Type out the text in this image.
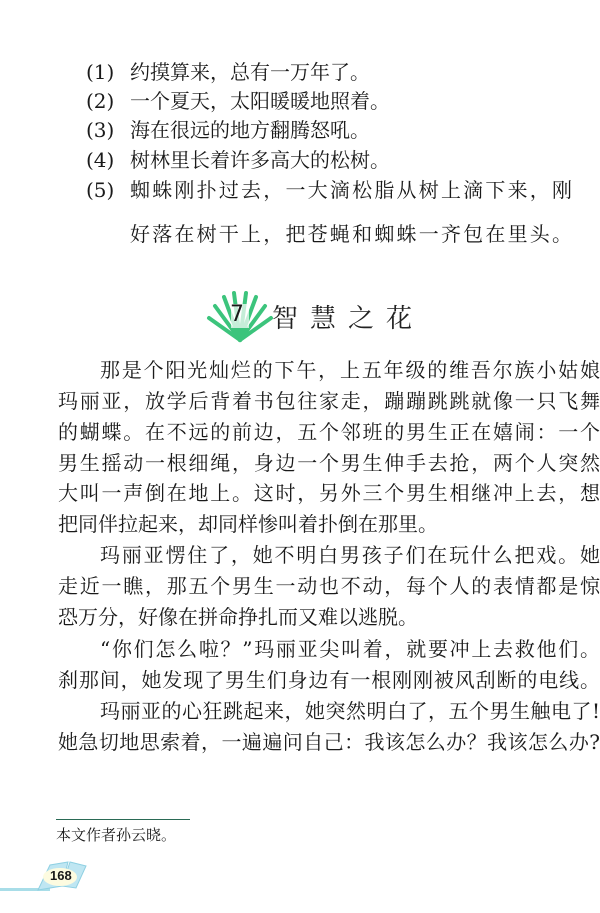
(1) 约摸算来，总有一万年了。
(2) 一个夏天，太阳暖暖地照着。
(3) 海在很远的地方翻腾怒吼。
(4) 树林里长着许多高大的松树。
(5) 蜘蛛刚扑过去，一大滴松脂从树上滴下来，刚
好落在树干上，把苍蝇和蜘蛛一齐包在里头。
7 智慧之花
那是个阳光灿烂的下午，上五年级的维吾尔族小姑娘
玛丽亚，放学后背着书包往家走，蹦蹦跳跳就像一只飞舞
的蝴蝶。在不远的前边，五个邻班的男生正在嬉闹：一个
男生摇动一根细绳，身边一个男生伸手去抢，两个人突然
大叫一声倒在地上。这时，另外三个男生相继冲上去，想
把同伴拉起来，却同样惨叫着扑倒在那里。
玛丽亚愣住了，她不明白男孩子们在玩什么把戏。她
走近一瞧，那五个男生一动也不动，每个人的表情都是惊
恐万分，好像在拼命挣扎而又难以逃脱。
“你们怎么啦？”玛丽亚尖叫着，就要冲上去救他们。
刹那间，她发现了男生们身边有一根刚刚被风刮断的电线。
玛丽亚的心狂跳起来，她突然明白了，五个男生触电了!
她急切地思索着，一遍遍问自己：我该怎么办？我该怎么办?
本文作者孙云晓。
168
